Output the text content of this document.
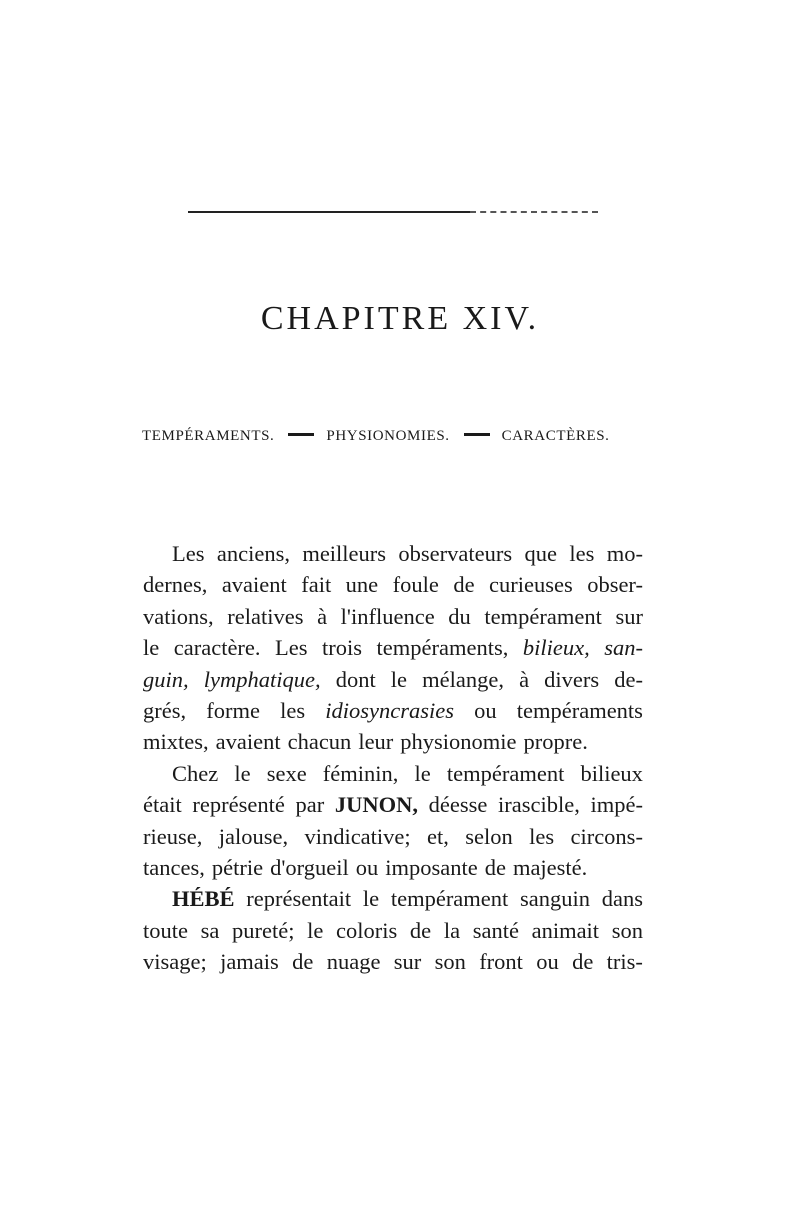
CHAPITRE XIV.
TEMPÉRAMENTS.	PHYSIONOMIES.	CARACTÈRES.
Les anciens, meilleurs observateurs que les mo-
dernes, avaient fait une foule de curieuses obser-
vations, relatives à l'influence du tempérament sur
le caractère. Les trois tempéraments, bilieux, san-
guin, lymphatique, dont le mélange, à divers de-
grés, forme les idiosyncrasies ou tempéraments
mixtes, avaient chacun leur physionomie propre.
Chez le sexe féminin, le tempérament bilieux
était représenté par JUNON, déesse irascible, impé-
rieuse, jalouse, vindicative; et, selon les circons-
tances, pétrie d'orgueil ou imposante de majesté.
HÉBÉ représentait le tempérament sanguin dans
toute sa pureté; le coloris de la santé animait son
visage; jamais de nuage sur son front ou de tris-
